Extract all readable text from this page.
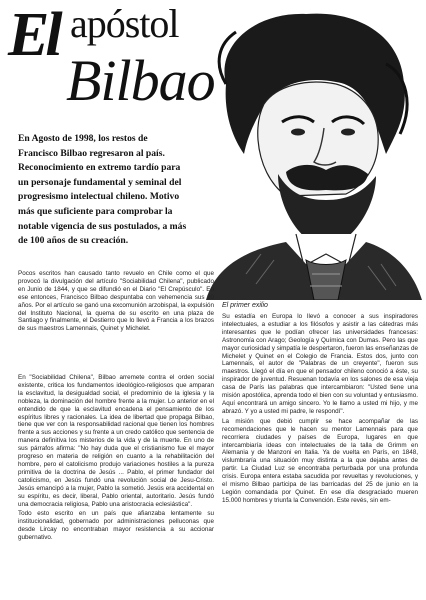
El apóstol
Bilbao

En Agosto de 1998, los restos de Francisco Bilbao regresaron al país. Reconocimiento en extremo tardío para un personaje fundamental y seminal del progresismo intelectual chileno. Motivo más que suficiente para comprobar la notable vigencia de sus postulados, a más de 100 años de su creación.

El primer exilio

Pocos escritos han causado tanto revuelo en Chile como el que provocó la divulgación del artículo "Sociabilidad Chilena", publicado en Junio de 1844, y que se difundió en el Diario "El Crepúsculo". En ese entonces, Francisco Bilbao despuntaba con vehemencia sus 20 años. Por el artículo se ganó una excomunión arzobispal, la expulsión del Instituto Nacional, la quema de su escrito en una plaza de Santiago y finalmente, el Destierro que lo llevó a Francia a los brazos de sus maestros Lamennais, Quinet y Michelet.

En "Sociabilidad Chilena", Bilbao arremete contra el orden social existente, critica los fundamentos ideológico-religiosos que amparan la esclavitud, la desigualdad social, el predominio de la iglesia y la nobleza, la dominación del hombre frente a la mujer. Lo anterior en el entendido de que la esclavitud encadena el pensamiento de los espíritus libres y racionales. La idea de libertad que propaga Bilbao, tiene que ver con la responsabilidad racional que tienen los hombres frente a sus acciones y su frente a un credo católico que sentencia de manera definitiva los misterios de la vida y de la muerte. En uno de sus párrafos afirma: "No hay duda que el cristianismo fue el mayor progreso en materia de religión en cuanto a la rehabilitación del hombre, pero el catolicismo produjo variaciones hostiles a la pureza primitiva de la doctrina de Jesús ... Pablo, el primer fundador del catolicismo, en Jesús fundó una revolución social de Jesu-Cristo. Jesús emancipó a la mujer, Pablo la sometió. Jesús era accidental en su espíritu, es decir, liberal, Pablo oriental, autoritario. Jesús fundó una democracia religiosa, Pablo una aristocracia eclesiástica".

Todo esto escrito en un país que afianzaba lentamente su institucionalidad, gobernado por administraciones pelluconas que desde Lircay no encontraban mayor resistencia a su accionar gubernativo.

Su estadía en Europa lo llevó a conocer a sus inspiradores intelectuales, a estudiar a los filósofos y asistir a las cátedras más interesantes que le podían ofrecer las universidades francesas: Astronomía con Arago; Geología y Química con Dumas. Pero las que mayor curiosidad y simpatía le despertaron, fueron las enseñanzas de Michelet y Quinet en el Colegio de Francia. Estos dos, junto con Lamennais, el autor de "Palabras de un creyente", fueron sus maestros. Llegó el día en que el pensador chileno conoció a éste, su inspirador de juventud. Resuenan todavía en los salones de esa vieja casa de París las palabras que intercambiaron: "Usted tiene una misión apostólica, aprenda todo el bien con su voluntad y entusiasmo. Aquí encontrará un amigo sincero. Yo le llamo a usted mi hijo, y me abrazó. Y yo a usted mi padre, le respondí".

La misión que debió cumplir se hace acompañar de las recomendaciones que le hacen su mentor Lamennais para que recorriera ciudades y países de Europa, lugares en que intercambiaría ideas con intelectuales de la talla de Grimm en Alemania y de Manzoni en Italia. Ya de vuelta en París, en 1848, vislumbraría una situación muy distinta a la que dejaba antes de partir. La Ciudad Luz se encontraba perturbada por una profunda crisis. Europa entera estaba sacudida por revueltas y revoluciones, y el mismo Bilbao participa de las barricadas del 25 de junio en la Legión comandada por Quinet. En ese día desgraciado mueren 15.000 hombres y triunfa la Convención. Este revés, sin em-
